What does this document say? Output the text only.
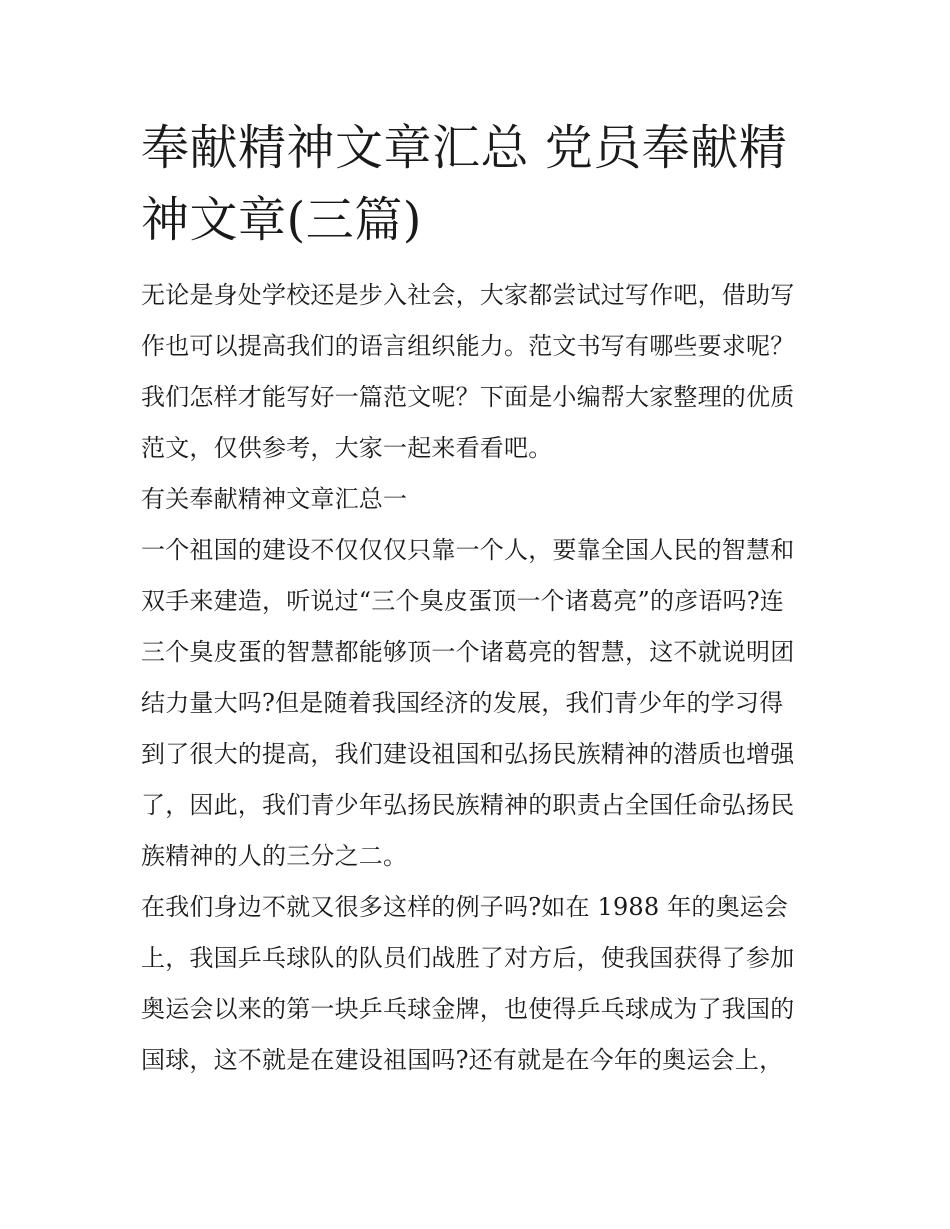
奉献精神文章汇总 党员奉献精
神文章(三篇)
无论是身处学校还是步入社会，大家都尝试过写作吧，借助写
作也可以提高我们的语言组织能力。范文书写有哪些要求呢？
我们怎样才能写好一篇范文呢？下面是小编帮大家整理的优质
范文，仅供参考，大家一起来看看吧。
有关奉献精神文章汇总一
一个祖国的建设不仅仅仅只靠一个人，要靠全国人民的智慧和
双手来建造，听说过“三个臭皮蛋顶一个诸葛亮”的彦语吗?连
三个臭皮蛋的智慧都能够顶一个诸葛亮的智慧，这不就说明团
结力量大吗?但是随着我国经济的发展，我们青少年的学习得
到了很大的提高，我们建设祖国和弘扬民族精神的潜质也增强
了，因此，我们青少年弘扬民族精神的职责占全国任命弘扬民
族精神的人的三分之二。
在我们身边不就又很多这样的例子吗?如在 1988 年的奥运会
上，我国乒乓球队的队员们战胜了对方后，使我国获得了参加
奥运会以来的第一块乒乓球金牌，也使得乒乓球成为了我国的
国球，这不就是在建设祖国吗?还有就是在今年的奥运会上，
